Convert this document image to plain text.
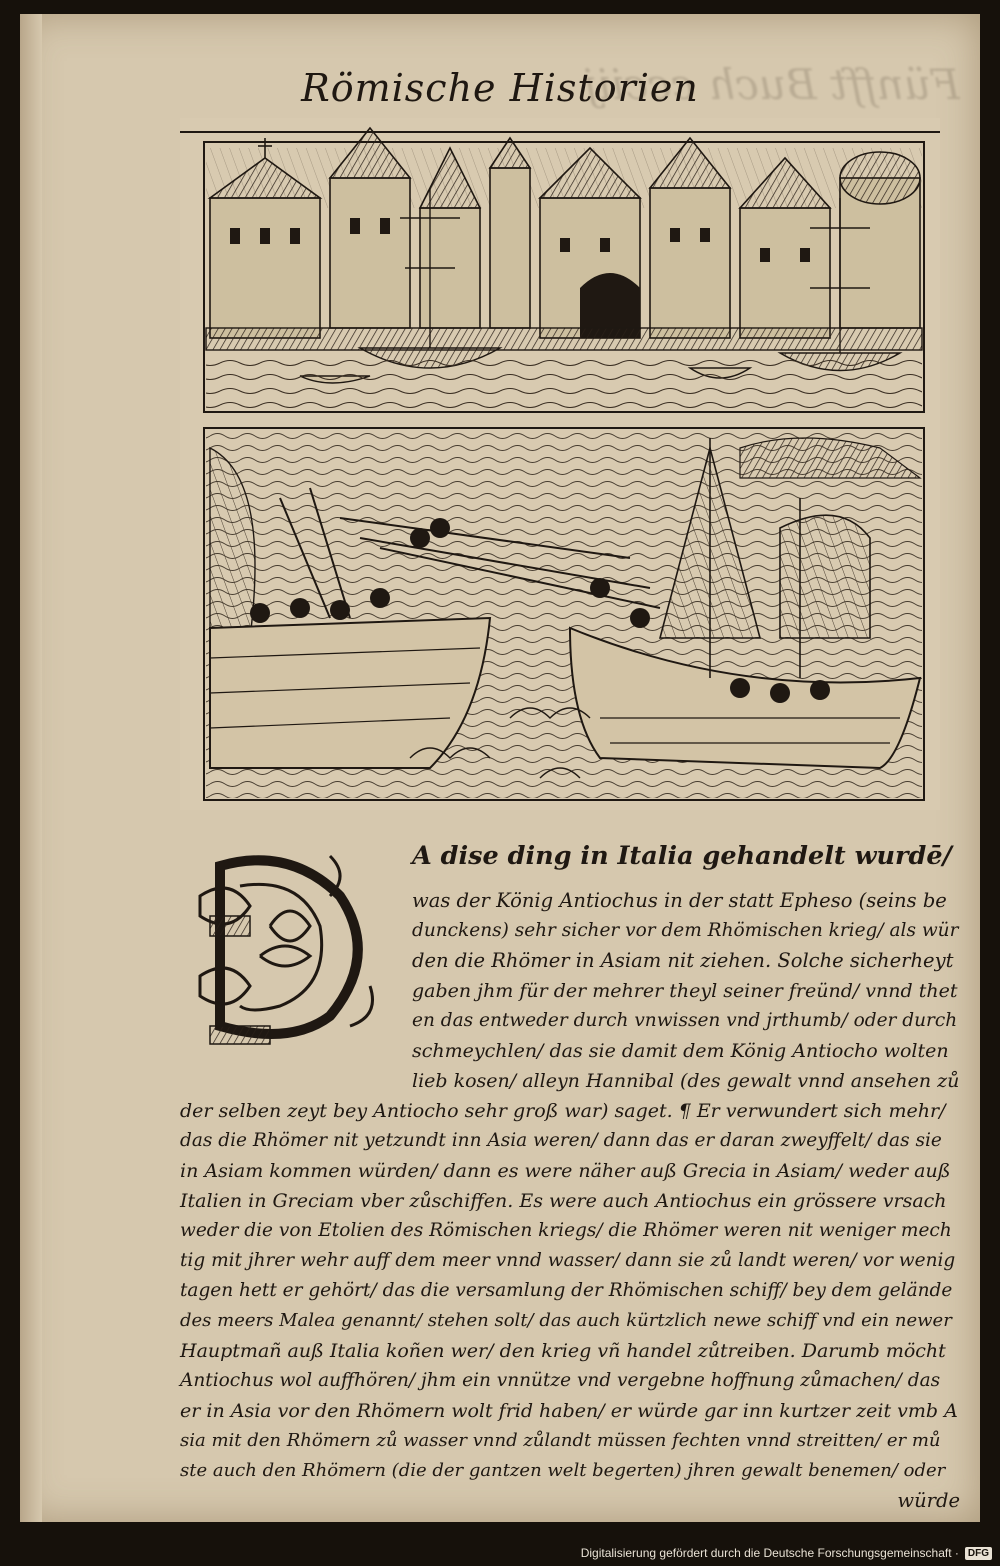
Fünfft Buch ccciij
Römische Historien
A dise ding in Italia gehandelt wurdē/
was der König Antiochus in der statt Epheso (seins be
dunckens) sehr sicher vor dem Rhömischen krieg/ als wür
den die Rhömer in Asiam nit ziehen. Solche sicherheyt
gaben jhm für der mehrer theyl seiner freünd/ vnnd thet
en das entweder durch vnwissen vnd jrthumb/ oder durch
schmeychlen/ das sie damit dem König Antiocho wolten
lieb kosen/ alleyn Hannibal (des gewalt vnnd ansehen zů
der selben zeyt bey Antiocho sehr groß war) saget. ¶ Er verwundert sich mehr/
das die Rhömer nit yetzundt inn Asia weren/ dann das er daran zweyffelt/ das sie
in Asiam kommen würden/ dann es were näher auß Grecia in Asiam/ weder auß
Italien in Greciam vber zůschiffen. Es were auch Antiochus ein grössere vrsach
weder die von Etolien des Römischen kriegs/ die Rhömer weren nit weniger mech
tig mit jhrer wehr auff dem meer vnnd wasser/ dann sie zů landt weren/ vor wenig
tagen hett er gehört/ das die versamlung der Rhömischen schiff/ bey dem gelände
des meers Malea genannt/ stehen solt/ das auch kürtzlich newe schiff vnd ein newer
Hauptmañ auß Italia koñen wer/ den krieg vñ handel zůtreiben. Darumb möcht
Antiochus wol auffhören/ jhm ein vnnütze vnd vergebne hoffnung zůmachen/ das
er in Asia vor den Rhömern wolt frid haben/ er würde gar inn kurtzer zeit vmb A
sia mit den Rhömern zů wasser vnnd zůlandt müssen fechten vnnd streitten/ er mů
ste auch den Rhömern (die der gantzen welt begerten) jhren gewalt benemen/ oder
würde
Digitalisierung gefördert durch die Deutsche Forschungsgemeinschaft · DFG
